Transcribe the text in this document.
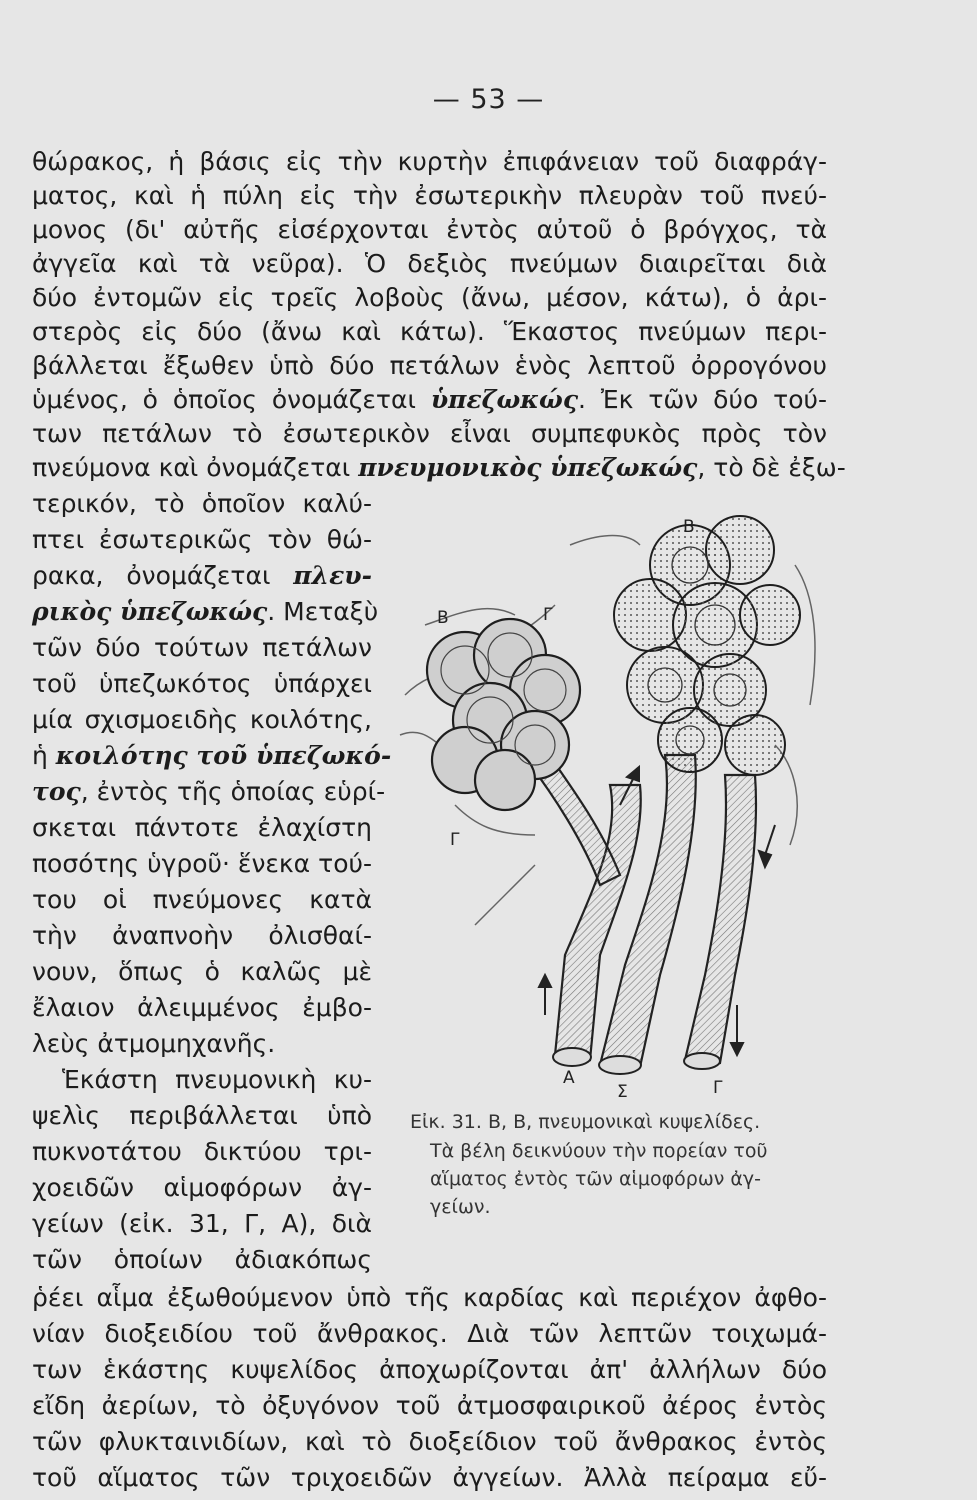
— 53 —
θώρακος, ἡ βάσις εἰς τὴν κυρτὴν ἐπιφάνειαν τοῦ διαφράγ-
ματος, καὶ ἡ πύλη εἰς τὴν ἐσωτερικὴν πλευρὰν τοῦ πνεύ-
μονος (δι' αὐτῆς εἰσέρχονται ἐντὸς αὐτοῦ ὁ βρόγχος, τὰ
ἀγγεῖα καὶ τὰ νεῦρα). Ὁ δεξιὸς πνεύμων διαιρεῖται διὰ
δύο ἐντομῶν εἰς τρεῖς λοβοὺς (ἄνω, μέσον, κάτω), ὁ ἀρι-
στερὸς εἰς δύο (ἄνω καὶ κάτω). Ἕκαστος πνεύμων περι-
βάλλεται ἔξωθεν ὑπὸ δύο πετάλων ἑνὸς λεπτοῦ ὀρρογόνου
ὑμένος, ὁ ὁποῖος ὀνομάζεται ὑπεζωκώς. Ἐκ τῶν δύο τού-
των πετάλων τὸ ἐσωτερικὸν εἶναι συμπεφυκὸς πρὸς τὸν
πνεύμονα καὶ ὀνομάζεται πνευμονικὸς ὑπεζωκώς, τὸ δὲ ἐξω-
τερικόν, τὸ ὁποῖον καλύ-
πτει ἐσωτερικῶς τὸν θώ-
ρακα, ὀνομάζεται πλευ-
ρικὸς ὑπεζωκώς. Μεταξὺ
τῶν δύο τούτων πετάλων
τοῦ ὑπεζωκότος ὑπάρχει
μία σχισμοειδὴς κοιλότης,
ἡ κοιλότης τοῦ ὑπεζωκό-
τος, ἐντὸς τῆς ὁποίας εὑρί-
σκεται πάντοτε ἐλαχίστη
ποσότης ὑγροῦ· ἕνεκα τού-
του οἱ πνεύμονες κατὰ
τὴν ἀναπνοὴν ὀλισθαί-
νουν, ὅπως ὁ καλῶς μὲ
ἔλαιον ἀλειμμένος ἐμβο-
λεὺς ἀτμομηχανῆς.
Ἑκάστη πνευμονικὴ κυ-
ψελὶς περιβάλλεται ὑπὸ
πυκνοτάτου δικτύου τρι-
χοειδῶν αἱμοφόρων ἀγ-
γείων (εἰκ. 31, Γ, Α), διὰ
τῶν ὁποίων ἀδιακόπως
ῥέει αἷμα ἐξωθούμενον ὑπὸ τῆς καρδίας καὶ περιέχον ἀφθο-
νίαν διοξειδίου τοῦ ἄνθρακος. Διὰ τῶν λεπτῶν τοιχωμά-
των ἑκάστης κυψελίδος ἀποχωρίζονται ἀπ' ἀλλήλων δύο
εἴδη ἀερίων, τὸ ὀξυγόνον τοῦ ἀτμοσφαιρικοῦ ἀέρος ἐντὸς
τῶν φλυκταινιδίων, καὶ τὸ διοξείδιον τοῦ ἄνθρακος ἐντὸς
τοῦ αἵματος τῶν τριχοειδῶν ἀγγείων. Ἀλλὰ πείραμα εὔ-
Β
Β	Γ
Γ
Γ
Α
Σ
Εἰκ. 31. Β, Β, πνευμονικαὶ κυψελίδες.
Τὰ βέλη δεικνύουν τὴν πορείαν τοῦ
αἵματος ἐντὸς τῶν αἱμοφόρων ἀγ-
γείων.
